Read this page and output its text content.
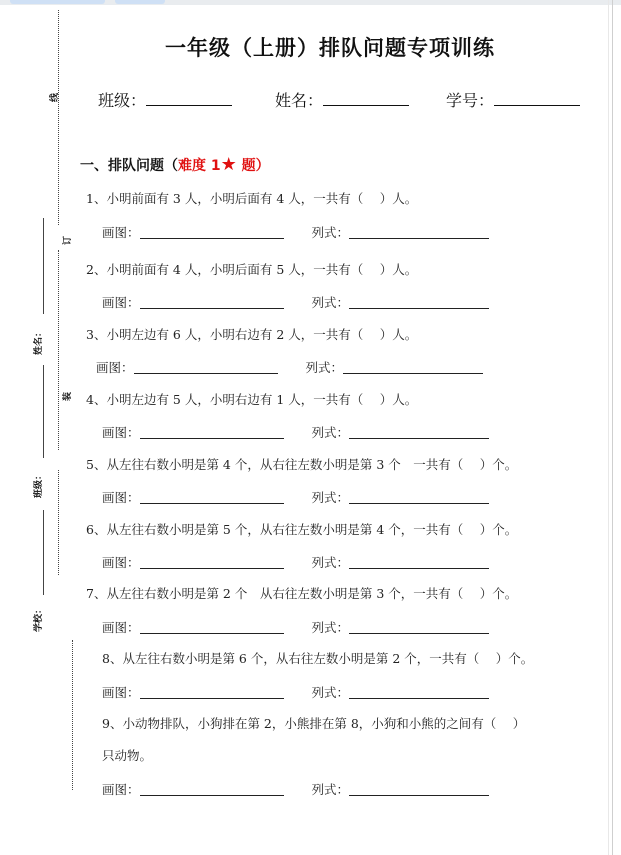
线
订
装
姓名：
班级：
学校：
一年级（上册）排队问题专项训练
班级：	姓名：	学号：
一、排队问题（难度 1★ 题）
1、小明前面有 3 人，小明后面有 4 人，一共有（　 ）人。
画图：	列式：
2、小明前面有 4 人，小明后面有 5 人，一共有（　 ）人。
画图：	列式：
3、小明左边有 6 人，小明右边有 2 人，一共有（　 ）人。
画图：	列式：
4、小明左边有 5 人，小明右边有 1 人，一共有（　 ）人。
画图：	列式：
5、从左往右数小明是第 4 个，从右往左数小明是第 3 个　一共有（　 ）个。
画图：	列式：
6、从左往右数小明是第 5 个，从右往左数小明是第 4 个，一共有（　 ）个。
画图：	列式：
7、从左往右数小明是第 2 个　从右往左数小明是第 3 个，一共有（　 ）个。
画图：	列式：
8、从左往右数小明是第 6 个，从右往左数小明是第 2 个，一共有（　 ）个。
画图：	列式：
9、小动物排队，小狗排在第 2，小熊排在第 8，小狗和小熊的之间有（　 ）
只动物。
画图：	列式：
